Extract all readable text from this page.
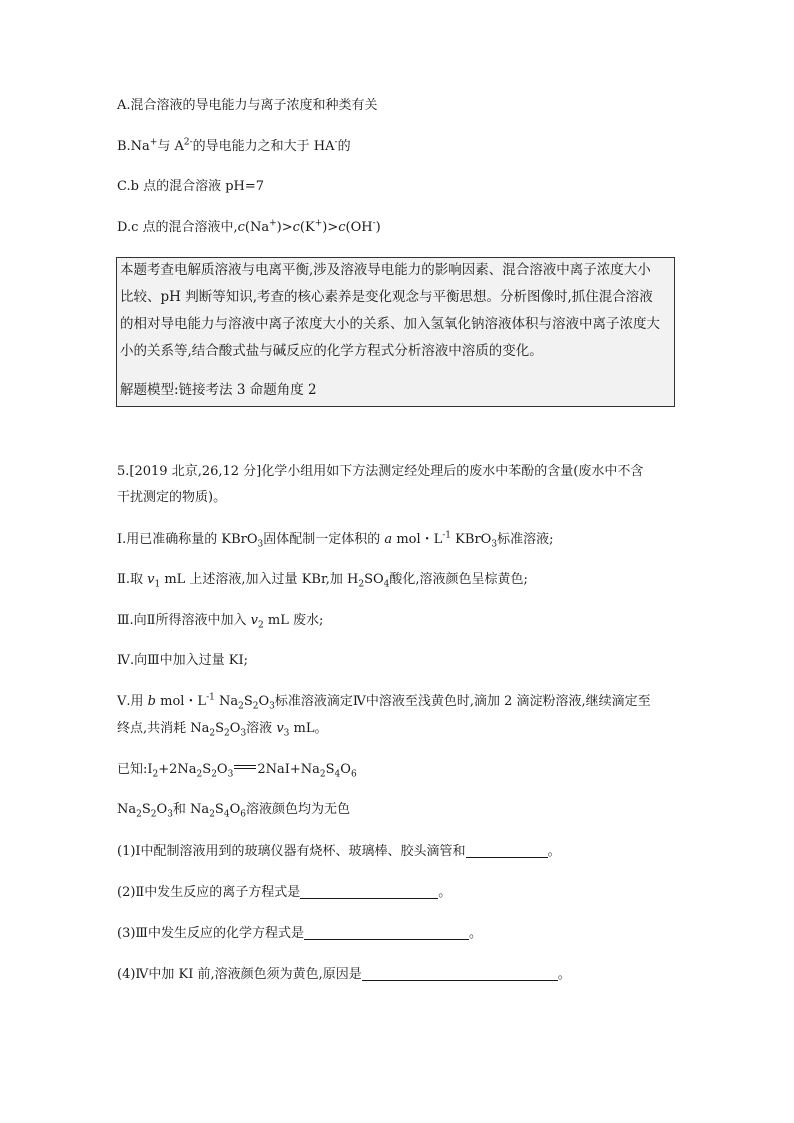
A.混合溶液的导电能力与离子浓度和种类有关
B.Na+与 $A^{2-}$的导电能力之和大于 HA-的
C.b 点的混合溶液 pH=7
D.c 点的混合溶液中,c(Na+)>c(K+)>c(OH-)
本题考查电解质溶液与电离平衡,涉及溶液导电能力的影响因素、混合溶液中离子浓度大小
比较、pH 判断等知识,考查的核心素养是变化观念与平衡思想。分析图像时,抓住混合溶液
的相对导电能力与溶液中离子浓度大小的关系、加入氢氧化钠溶液体积与溶液中离子浓度大
小的关系等,结合酸式盐与碱反应的化学方程式分析溶液中溶质的变化。
解题模型:链接考法 3 命题角度 2
5.[2019 北京,26,12 分]化学小组用如下方法测定经处理后的废水中苯酚的含量(废水中不含
干扰测定的物质)。
Ⅰ.用已准确称量的 KBrO$_3$固体配制一定体积的 a mol・$L^{-1}$ KBrO$_3$标准溶液;
Ⅱ.取 $v_1$ mL 上述溶液,加入过量 KBr,加 $H_2SO_4$酸化,溶液颜色呈棕黄色;
Ⅲ.向Ⅱ所得溶液中加入 $v_2$ mL 废水;
Ⅳ.向Ⅲ中加入过量 KI;
Ⅴ.用 b mol・$L^{-1}$ $Na_2S_2O_3$标准溶液滴定Ⅳ中溶液至浅黄色时,滴加 2 滴淀粉溶液,继续滴定至
终点,共消耗 $Na_2S_2O_3$溶液 $v_3$ mL。
已知$:I_2+2Na_2S_2O_3$ $2NaI+Na_2S_4O_6$
$Na_2S_2O_3$和 $Na_2S_4O_6$溶液颜色均为无色
(1)Ⅰ中配制溶液用到的玻璃仪器有烧杯、玻璃棒、胶头滴管和	。
(2)Ⅱ中发生反应的离子方程式是	。
(3)Ⅲ中发生反应的化学方程式是	。
(4)Ⅳ中加 KI 前,溶液颜色须为黄色,原因是	。
